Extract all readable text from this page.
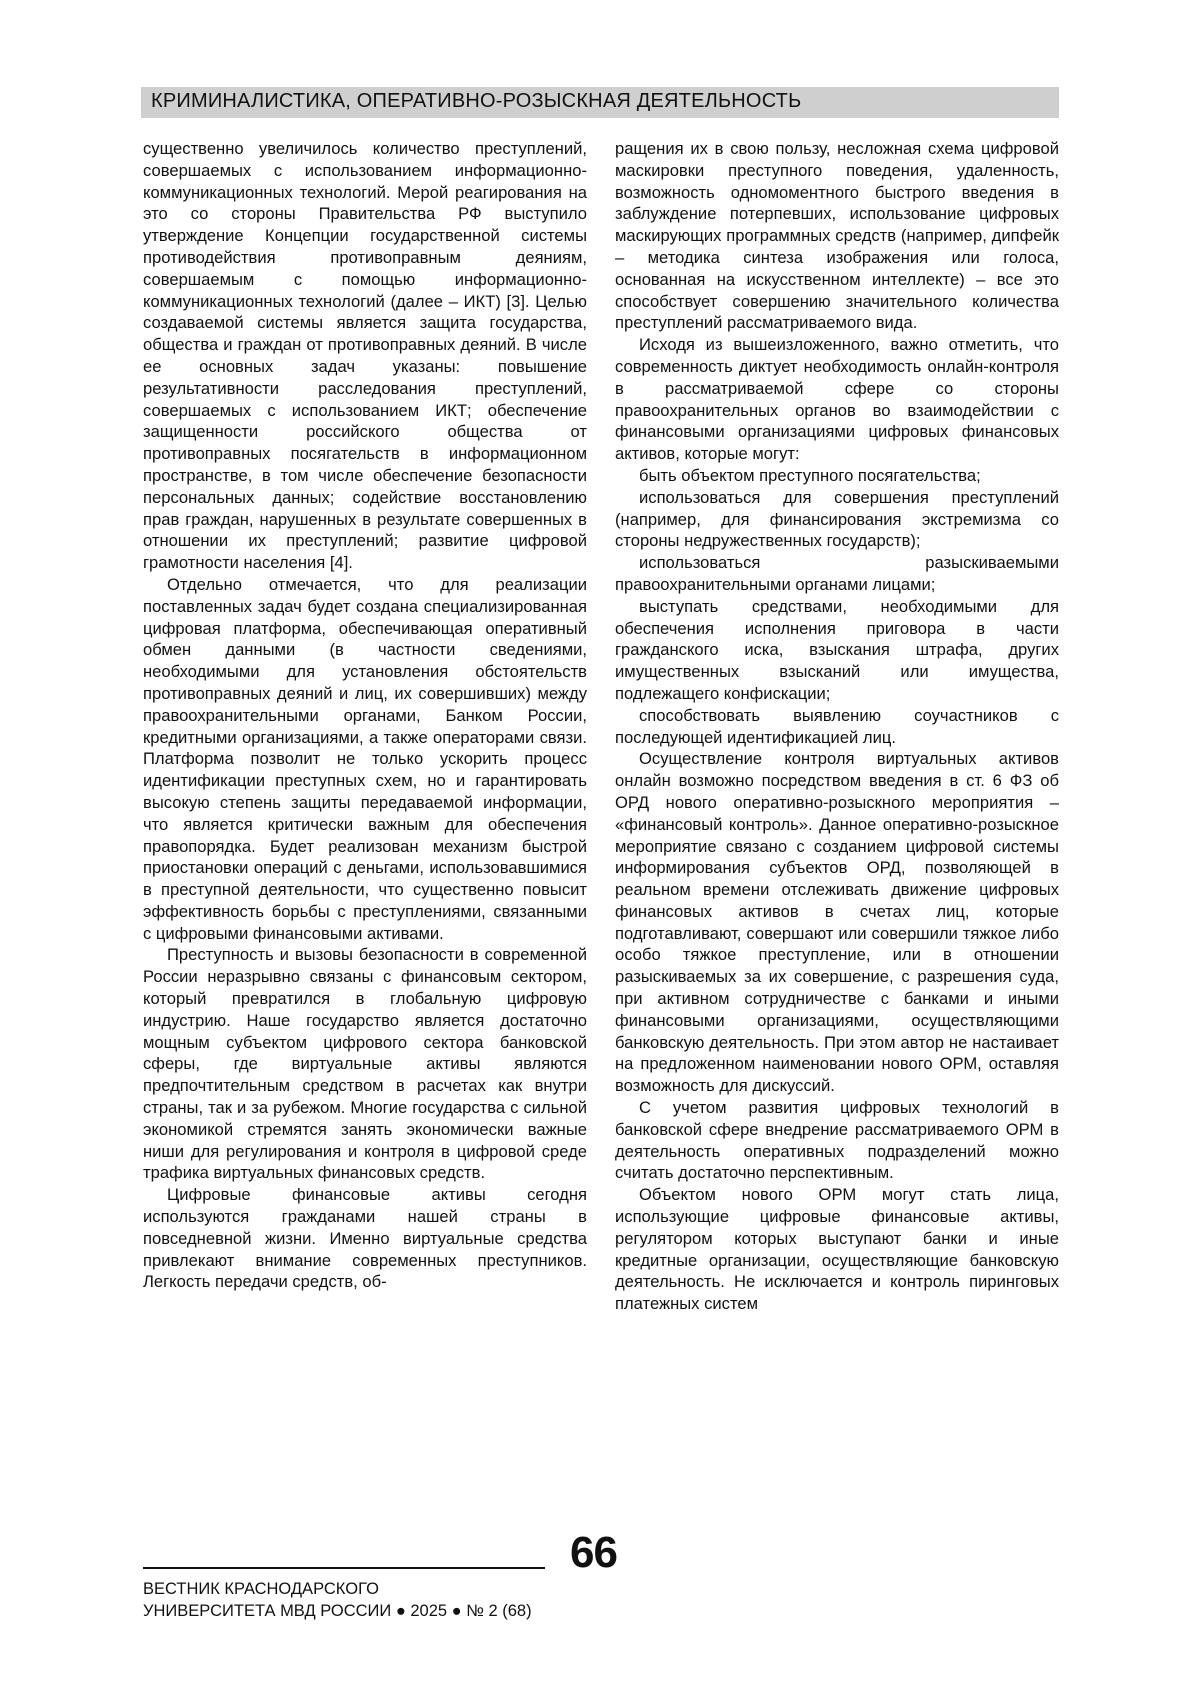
КРИМИНАЛИСТИКА, ОПЕРАТИВНО-РОЗЫСКНАЯ ДЕЯТЕЛЬНОСТЬ

существенно увеличилось количество преступлений, совершаемых с использованием информационно-коммуникационных технологий. Мерой реагирования на это со стороны Правительства РФ выступило утверждение Концепции государственной системы противодействия противоправным деяниям, совершаемым с помощью информационно-коммуникационных технологий (далее – ИКТ) [3]. Целью создаваемой системы является защита государства, общества и граждан от противоправных деяний. В числе ее основных задач указаны: повышение результативности расследования преступлений, совершаемых с использованием ИКТ; обеспечение защищенности российского общества от противоправных посягательств в информационном пространстве, в том числе обеспечение безопасности персональных данных; содействие восстановлению прав граждан, нарушенных в результате совершенных в отношении их преступлений; развитие цифровой грамотности населения [4].

Отдельно отмечается, что для реализации поставленных задач будет создана специализированная цифровая платформа, обеспечивающая оперативный обмен данными (в частности сведениями, необходимыми для установления обстоятельств противоправных деяний и лиц, их совершивших) между правоохранительными органами, Банком России, кредитными организациями, а также операторами связи. Платформа позволит не только ускорить процесс идентификации преступных схем, но и гарантировать высокую степень защиты передаваемой информации, что является критически важным для обеспечения правопорядка. Будет реализован механизм быстрой приостановки операций с деньгами, использовавшимися в преступной деятельности, что существенно повысит эффективность борьбы с преступлениями, связанными с цифровыми финансовыми активами.

Преступность и вызовы безопасности в современной России неразрывно связаны с финансовым сектором, который превратился в глобальную цифровую индустрию. Наше государство является достаточно мощным субъектом цифрового сектора банковской сферы, где виртуальные активы являются предпочтительным средством в расчетах как внутри страны, так и за рубежом. Многие государства с сильной экономикой стремятся занять экономически важные ниши для регулирования и контроля в цифровой среде трафика виртуальных финансовых средств.

Цифровые финансовые активы сегодня используются гражданами нашей страны в повседневной жизни. Именно виртуальные средства привлекают внимание современных преступников. Легкость передачи средств, об-

ращения их в свою пользу, несложная схема цифровой маскировки преступного поведения, удаленность, возможность одномоментного быстрого введения в заблуждение потерпевших, использование цифровых маскирующих программных средств (например, дипфейк – методика синтеза изображения или голоса, основанная на искусственном интеллекте) – все это способствует совершению значительного количества преступлений рассматриваемого вида.

Исходя из вышеизложенного, важно отметить, что современность диктует необходимость онлайн-контроля в рассматриваемой сфере со стороны правоохранительных органов во взаимодействии с финансовыми организациями цифровых финансовых активов, которые могут:

быть объектом преступного посягательства;

использоваться для совершения преступлений (например, для финансирования экстремизма со стороны недружественных государств);

использоваться разыскиваемыми правоохранительными органами лицами;

выступать средствами, необходимыми для обеспечения исполнения приговора в части гражданского иска, взыскания штрафа, других имущественных взысканий или имущества, подлежащего конфискации;

способствовать выявлению соучастников с последующей идентификацией лиц.

Осуществление контроля виртуальных активов онлайн возможно посредством введения в ст. 6 ФЗ об ОРД нового оперативно-розыскного мероприятия – «финансовый контроль». Данное оперативно-розыскное мероприятие связано с созданием цифровой системы информирования субъектов ОРД, позволяющей в реальном времени отслеживать движение цифровых финансовых активов в счетах лиц, которые подготавливают, совершают или совершили тяжкое либо особо тяжкое преступление, или в отношении разыскиваемых за их совершение, с разрешения суда, при активном сотрудничестве с банками и иными финансовыми организациями, осуществляющими банковскую деятельность. При этом автор не настаивает на предложенном наименовании нового ОРМ, оставляя возможность для дискуссий.

С учетом развития цифровых технологий в банковской сфере внедрение рассматриваемого ОРМ в деятельность оперативных подразделений можно считать достаточно перспективным.

Объектом нового ОРМ могут стать лица, использующие цифровые финансовые активы, регулятором которых выступают банки и иные кредитные организации, осуществляющие банковскую деятельность. Не исключается и контроль пиринговых платежных систем

66
ВЕСТНИК КРАСНОДАРСКОГО
УНИВЕРСИТЕТА МВД РОССИИ ● 2025 ● № 2 (68)
